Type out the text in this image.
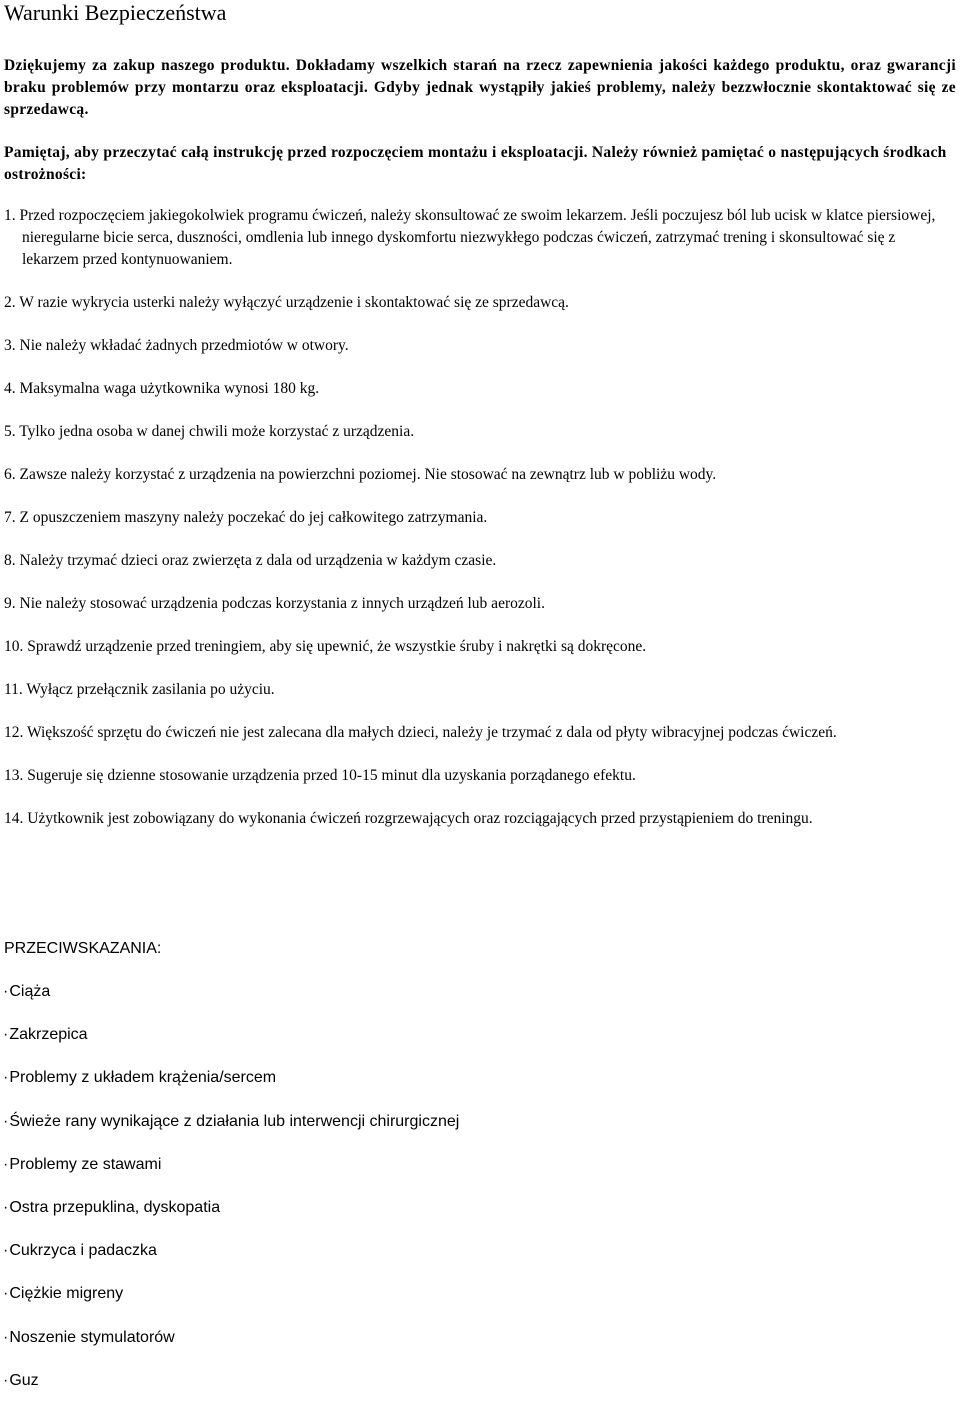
Warunki Bezpieczeństwa

Dziękujemy za zakup naszego produktu. Dokładamy wszelkich starań na rzecz zapewnienia jakości każdego produktu, oraz gwarancji braku problemów przy montarzu oraz eksploatacji. Gdyby jednak wystąpiły jakieś problemy, należy bezzwłocznie skontaktować się ze sprzedawcą.

Pamiętaj, aby przeczytać całą instrukcję przed rozpoczęciem montażu i eksploatacji. Należy również pamiętać o następujących środkach ostrożności:

1. Przed rozpoczęciem jakiegokolwiek programu ćwiczeń, należy skonsultować ze swoim lekarzem. Jeśli poczujesz ból lub ucisk w klatce piersiowej, nieregularne bicie serca, duszności, omdlenia lub innego dyskomfortu niezwykłego podczas ćwiczeń, zatrzymać trening i skonsultować się z lekarzem przed kontynuowaniem.
2. W razie wykrycia usterki należy wyłączyć urządzenie i skontaktować się ze sprzedawcą.
3. Nie należy wkładać żadnych przedmiotów w otwory.
4. Maksymalna waga użytkownika wynosi 180 kg.
5. Tylko jedna osoba w danej chwili może korzystać z urządzenia.
6. Zawsze należy korzystać z urządzenia na powierzchni poziomej. Nie stosować na zewnątrz lub w pobliżu wody.
7. Z opuszczeniem maszyny należy poczekać do jej całkowitego zatrzymania.
8. Należy trzymać dzieci oraz zwierzęta z dala od urządzenia w każdym czasie.
9. Nie należy stosować urządzenia podczas korzystania z innych urządzeń lub aerozoli.
10. Sprawdź urządzenie przed treningiem, aby się upewnić, że wszystkie śruby i nakrętki są dokręcone.
11. Wyłącz przełącznik zasilania po użyciu.
12. Większość sprzętu do ćwiczeń nie jest zalecana dla małych dzieci, należy je trzymać z dala od płyty wibracyjnej podczas ćwiczeń.
13. Sugeruje się dzienne stosowanie urządzenia przed 10-15 minut dla uzyskania porządanego efektu.
14. Użytkownik jest zobowiązany do wykonania ćwiczeń rozgrzewających oraz rozciągających przed przystąpieniem do treningu.
PRZECIWSKAZANIA:
·Ciąża
·Zakrzepica
·Problemy z układem krążenia/sercem
·Świeże rany wynikające z działania lub interwencji chirurgicznej
·Problemy ze stawami
·Ostra przepuklina, dyskopatia
·Cukrzyca i padaczka
·Ciężkie migreny
·Noszenie stymulatorów
·Guz
